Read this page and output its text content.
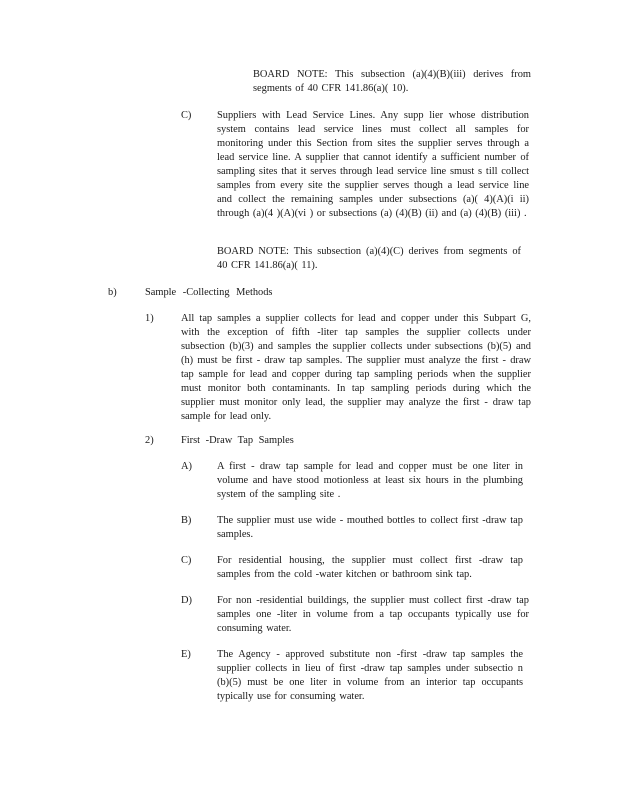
BOARD NOTE: This subsection (a)(4)(B)(iii) derives from segments of 40 CFR 141.86(a)( 10).

C) Suppliers with Lead Service Lines. Any supp lier whose distribution system contains lead service lines must collect all samples for monitoring under this Section from sites the supplier serves through a lead service line. A supplier that cannot identify a sufficient number of sampling sites that it serves through lead service line smust s till collect samples from every site the supplier serves though a lead service line and collect the remaining samples under subsections (a)( 4)(A)(i ii) through (a)(4 )(A)(vi ) or subsections (a) (4)(B) (ii) and (a) (4)(B) (iii) .

BOARD NOTE: This subsection (a)(4)(C) derives from segments of 40 CFR 141.86(a)( 11).

b)	Sample -Collecting Methods
1)	All tap samples a supplier collects for lead and copper under this Subpart G, with the exception of fifth -liter tap samples the supplier collects under subsection (b)(3) and samples the supplier collects under subsections (b)(5) and (h) must be first - draw tap samples. The supplier must analyze the first - draw tap sample for lead and copper during tap sampling periods when the supplier must monitor both contaminants. In tap sampling periods during which the supplier must monitor only lead, the supplier may analyze the first - draw tap sample for lead only.

2)	First -Draw Tap Samples
A) A first - draw tap sample for lead and copper must be one liter in volume and have stood motionless at least six hours in the plumbing system of the sampling site .

B) The supplier must use wide - mouthed bottles to collect first -draw tap samples.

C) For residential housing, the supplier must collect first -draw tap samples from the cold -water kitchen or bathroom sink tap.

D) For non -residential buildings, the supplier must collect first -draw tap samples one -liter in volume from a tap occupants typically use for consuming water.

E)	The Agency - approved substitute non -first -draw tap samples the supplier collects in lieu of first -draw tap samples under subsectio n (b)(5) must be one liter in volume from an interior tap occupants typically use for consuming water.
